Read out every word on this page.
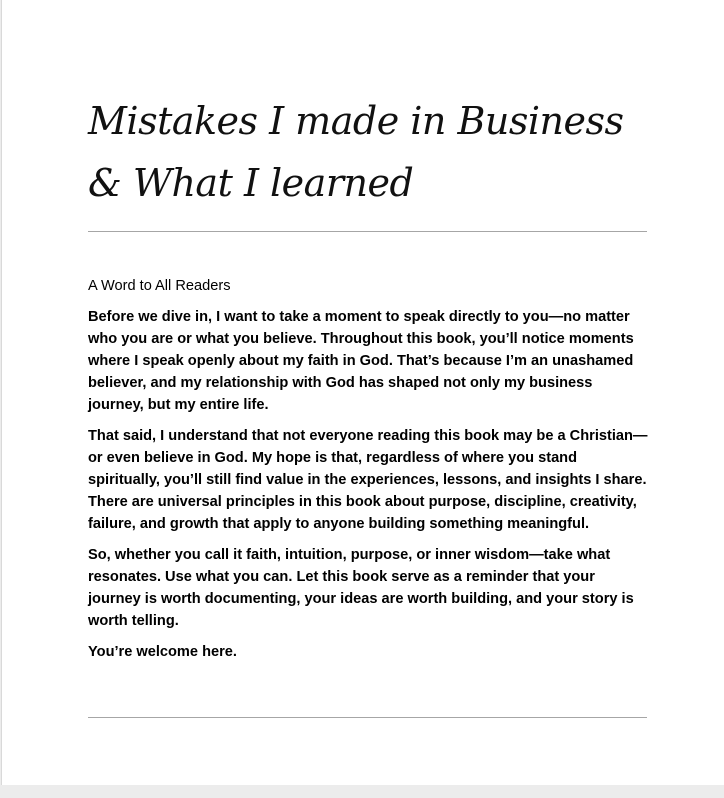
Mistakes I made in Business & What I learned

A Word to All Readers

Before we dive in, I want to take a moment to speak directly to you—no matter who you are or what you believe. Throughout this book, you’ll notice moments where I speak openly about my faith in God. That’s because I’m an unashamed believer, and my relationship with God has shaped not only my business journey, but my entire life.

That said, I understand that not everyone reading this book may be a Christian—or even believe in God. My hope is that, regardless of where you stand spiritually, you’ll still find value in the experiences, lessons, and insights I share. There are universal principles in this book about purpose, discipline, creativity, failure, and growth that apply to anyone building something meaningful.

So, whether you call it faith, intuition, purpose, or inner wisdom—take what resonates. Use what you can. Let this book serve as a reminder that your journey is worth documenting, your ideas are worth building, and your story is worth telling.

You’re welcome here.
